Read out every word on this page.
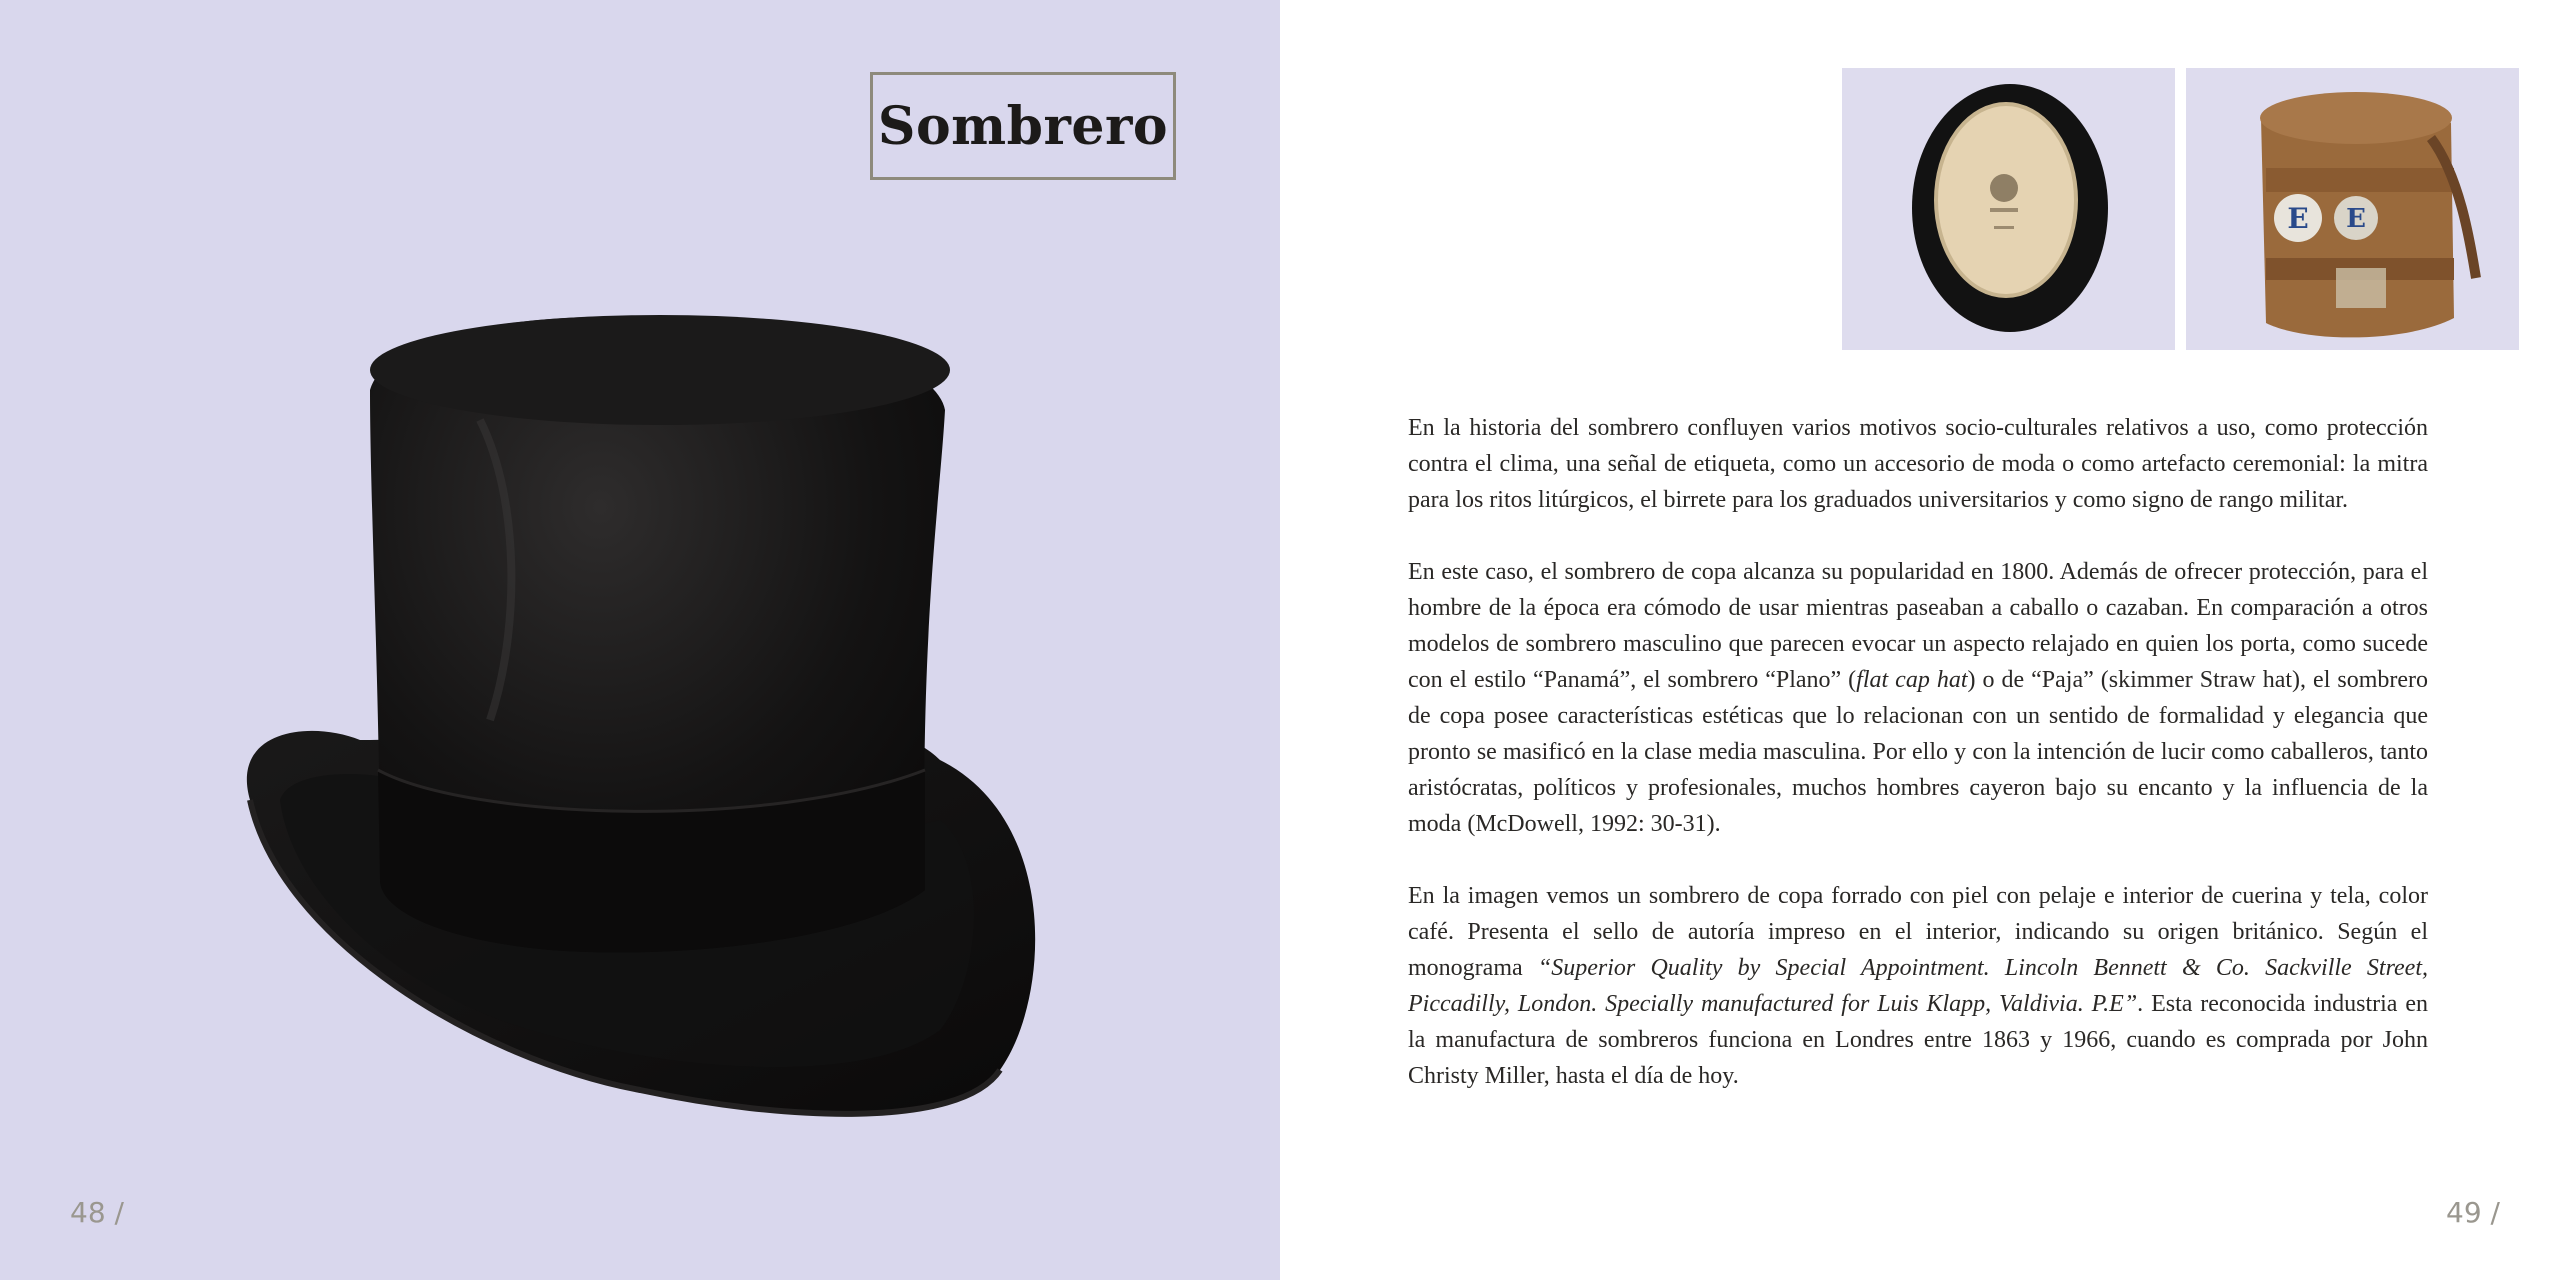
Sombrero
48 /
E E

En la historia del sombrero confluyen varios motivos socio-culturales relativos a uso, como protección contra el clima, una señal de etiqueta, como un accesorio de moda o como artefacto ceremonial: la mitra para los ritos litúrgicos, el birrete para los graduados universitarios y como signo de rango militar.

En este caso, el sombrero de copa alcanza su popularidad en 1800. Además de ofrecer protección, para el hombre de la época era cómodo de usar mientras paseaban a caballo o cazaban. En comparación a otros modelos de sombrero masculino que parecen evocar un aspecto relajado en quien los porta, como sucede con el estilo “Panamá”, el sombrero “Plano” (flat cap hat) o de “Paja” (skimmer Straw hat), el sombrero de copa posee características estéticas que lo relacionan con un sentido de formalidad y elegancia que pronto se masificó en la clase media masculina. Por ello y con la intención de lucir como caballeros, tanto aristócratas, políticos y profesionales, muchos hombres cayeron bajo su encanto y la influencia de la moda (McDowell, 1992: 30-31).

En la imagen vemos un sombrero de copa forrado con piel con pelaje e interior de cuerina y tela, color café. Presenta el sello de autoría impreso en el interior, indicando su origen británico. Según el monograma “Superior Quality by Special Appointment. Lincoln Bennett & Co. Sackville Street, Piccadilly, London. Specially manufactured for Luis Klapp, Valdivia. P.E”. Esta reconocida industria en la manufactura de sombreros funciona en Londres entre 1863 y 1966, cuando es comprada por John Christy Miller, hasta el día de hoy.

49 /
